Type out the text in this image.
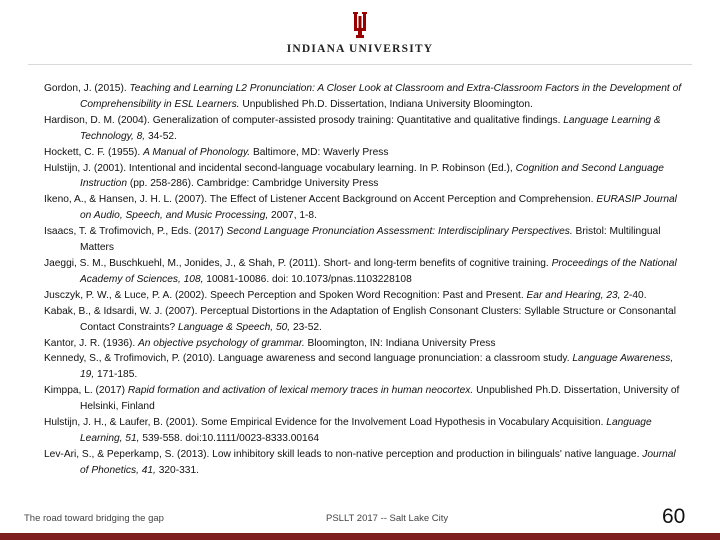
INDIANA UNIVERSITY

Gordon, J. (2015). Teaching and Learning L2 Pronunciation: A Closer Look at Classroom and Extra-Classroom Factors in the Development of Comprehensibility in ESL Learners. Unpublished Ph.D. Dissertation, Indiana University Bloomington.

Hardison, D. M. (2004). Generalization of computer-assisted prosody training: Quantitative and qualitative findings. Language Learning & Technology, 8, 34-52.

Hockett, C. F. (1955). A Manual of Phonology. Baltimore, MD: Waverly Press

Hulstijn, J. (2001). Intentional and incidental second-language vocabulary learning. In P. Robinson (Ed.), Cognition and Second Language Instruction (pp. 258-286). Cambridge: Cambridge University Press

Ikeno, A., & Hansen, J. H. L. (2007). The Effect of Listener Accent Background on Accent Perception and Comprehension. EURASIP Journal on Audio, Speech, and Music Processing, 2007, 1-8.

Isaacs, T. & Trofimovich, P., Eds. (2017) Second Language Pronunciation Assessment: Interdisciplinary Perspectives. Bristol: Multilingual Matters

Jaeggi, S. M., Buschkuehl, M., Jonides, J., & Shah, P. (2011). Short- and long-term benefits of cognitive training. Proceedings of the National Academy of Sciences, 108, 10081-10086. doi: 10.1073/pnas.1103228108

Jusczyk, P. W., & Luce, P. A. (2002). Speech Perception and Spoken Word Recognition: Past and Present. Ear and Hearing, 23, 2-40.

Kabak, B., & Idsardi, W. J. (2007). Perceptual Distortions in the Adaptation of English Consonant Clusters: Syllable Structure or Consonantal Contact Constraints? Language & Speech, 50, 23-52.

Kantor, J. R. (1936). An objective psychology of grammar. Bloomington, IN: Indiana University Press

Kennedy, S., & Trofimovich, P. (2010). Language awareness and second language pronunciation: a classroom study. Language Awareness, 19, 171-185.

Kimppa, L. (2017) Rapid formation and activation of lexical memory traces in human neocortex. Unpublished Ph.D. Dissertation, University of Helsinki, Finland

Hulstijn, J. H., & Laufer, B. (2001). Some Empirical Evidence for the Involvement Load Hypothesis in Vocabulary Acquisition. Language Learning, 51, 539-558. doi:10.1111/0023-8333.00164

Lev-Ari, S., & Peperkamp, S. (2013). Low inhibitory skill leads to non-native perception and production in bilinguals' native language. Journal of Phonetics, 41, 320-331.

The road toward bridging the gap	PSLLT 2017 -- Salt Lake City	60
